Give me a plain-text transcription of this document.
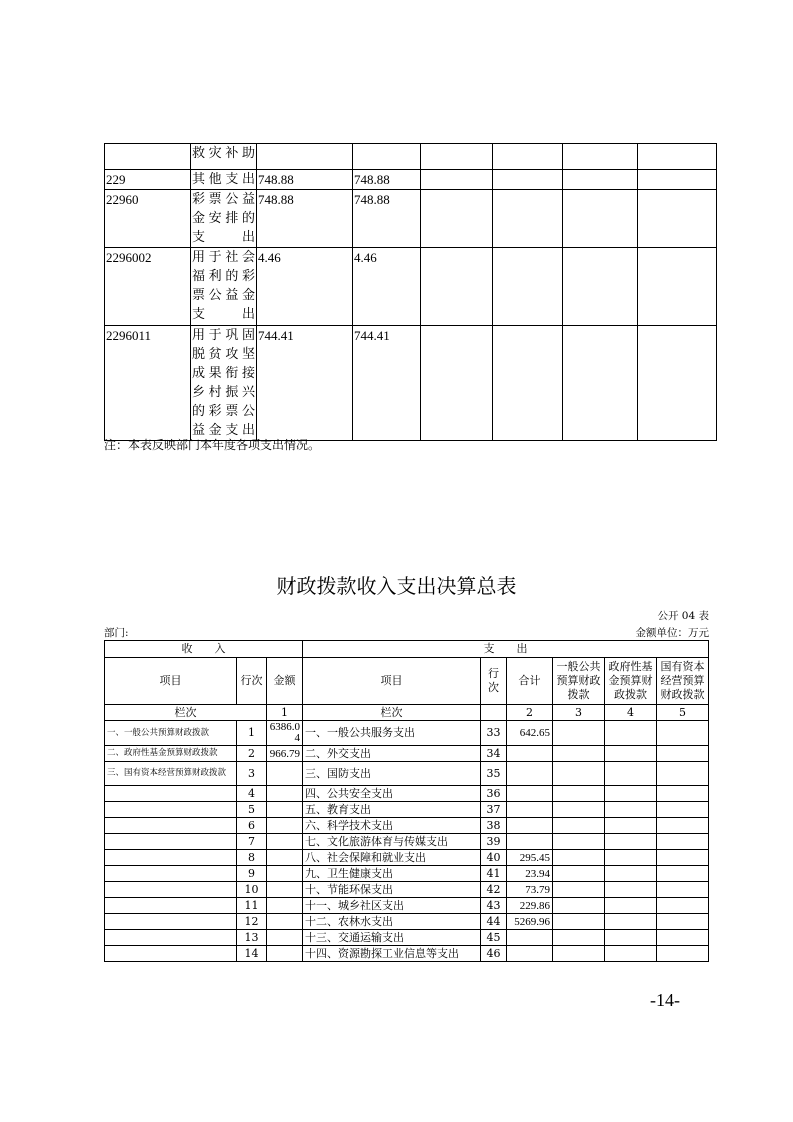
	救灾补助						
229	其他支出	748.88	748.88				
22960	彩票公益金安排的支出	748.88	748.88				
2296002	用于社会福利的彩票公益金支出	4.46	4.46				
2296011	用于巩固脱贫攻坚成果衔接乡村振兴的彩票公益金支出	744.41	744.41				
注：本表反映部门本年度各项支出情况。
财政拨款收入支出决算总表
公开 04 表
部门:	金额单位：万元
收　　入			支　　出					
项目	行次	金额	项目	行次	合计	一般公共预算财政拨款	政府性基金预算财政拨款	国有资本经营预算财政拨款
栏次		1	栏次		2	3	4	5
一、一般公共预算财政拨款	1	6386.04	一、一般公共服务支出	33	642.65			
二、政府性基金预算财政拨款	2	966.79	二、外交支出	34				
三、国有资本经营预算财政拨款	3		三、国防支出	35				
	4		四、公共安全支出	36				
	5		五、教育支出	37				
	6		六、科学技术支出	38				
	7		七、文化旅游体育与传媒支出	39				
	8		八、社会保障和就业支出	40	295.45			
	9		九、卫生健康支出	41	23.94			
	10		十、节能环保支出	42	73.79			
	11		十一、城乡社区支出	43	229.86			
	12		十二、农林水支出	44	5269.96			
	13		十三、交通运输支出	45				
	14		十四、资源勘探工业信息等支出	46				
-14-
